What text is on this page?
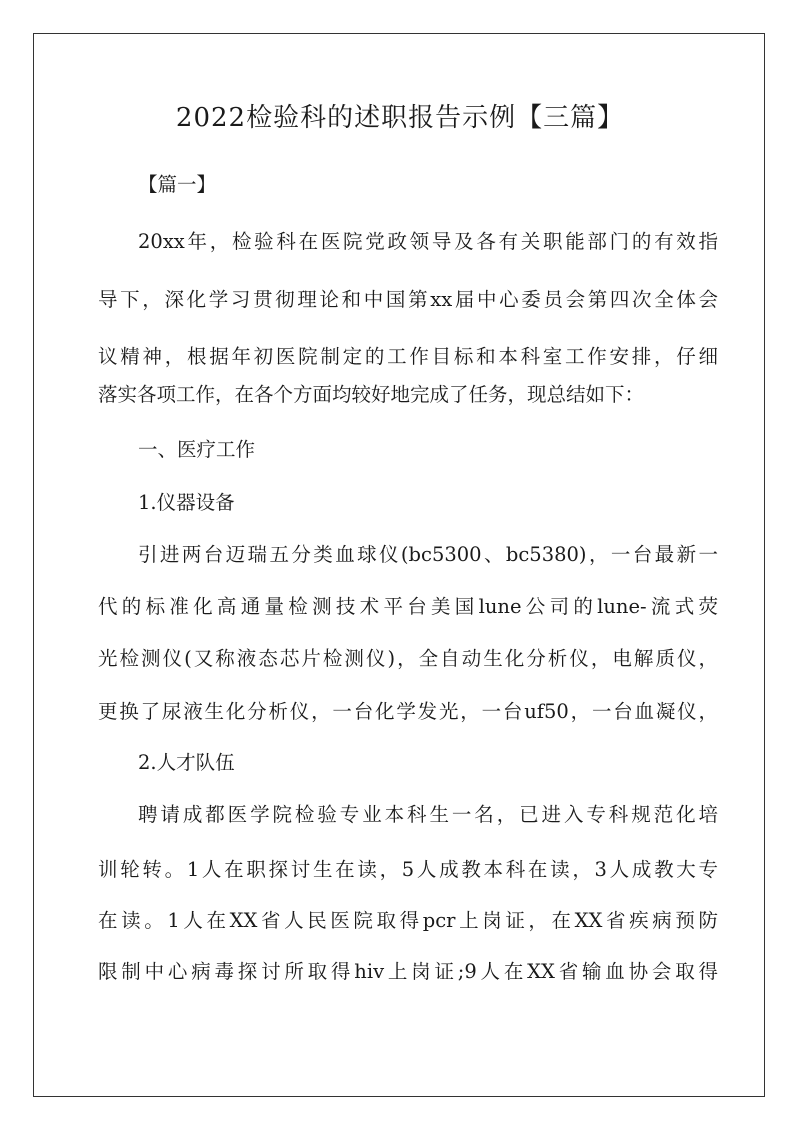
2022检验科的述职报告示例【三篇】
【篇一】
20xx年，检验科在医院党政领导及各有关职能部门的有效指
导下，深化学习贯彻理论和中国第xx届中心委员会第四次全体会
议精神，根据年初医院制定的工作目标和本科室工作安排，仔细
落实各项工作，在各个方面均较好地完成了任务，现总结如下：
一、医疗工作
1.仪器设备
引进两台迈瑞五分类血球仪(bc5300、bc5380)，一台最新一
代的标准化高通量检测技术平台美国lune公司的lune-流式荧
光检测仪(又称液态芯片检测仪)，全自动生化分析仪，电解质仪，
更换了尿液生化分析仪，一台化学发光，一台uf50，一台血凝仪，
2.人才队伍
聘请成都医学院检验专业本科生一名，已进入专科规范化培
训轮转。1人在职探讨生在读，5人成教本科在读，3人成教大专
在读。1人在XX省人民医院取得pcr上岗证，在XX省疾病预防
限制中心病毒探讨所取得hiv上岗证;9人在XX省输血协会取得
